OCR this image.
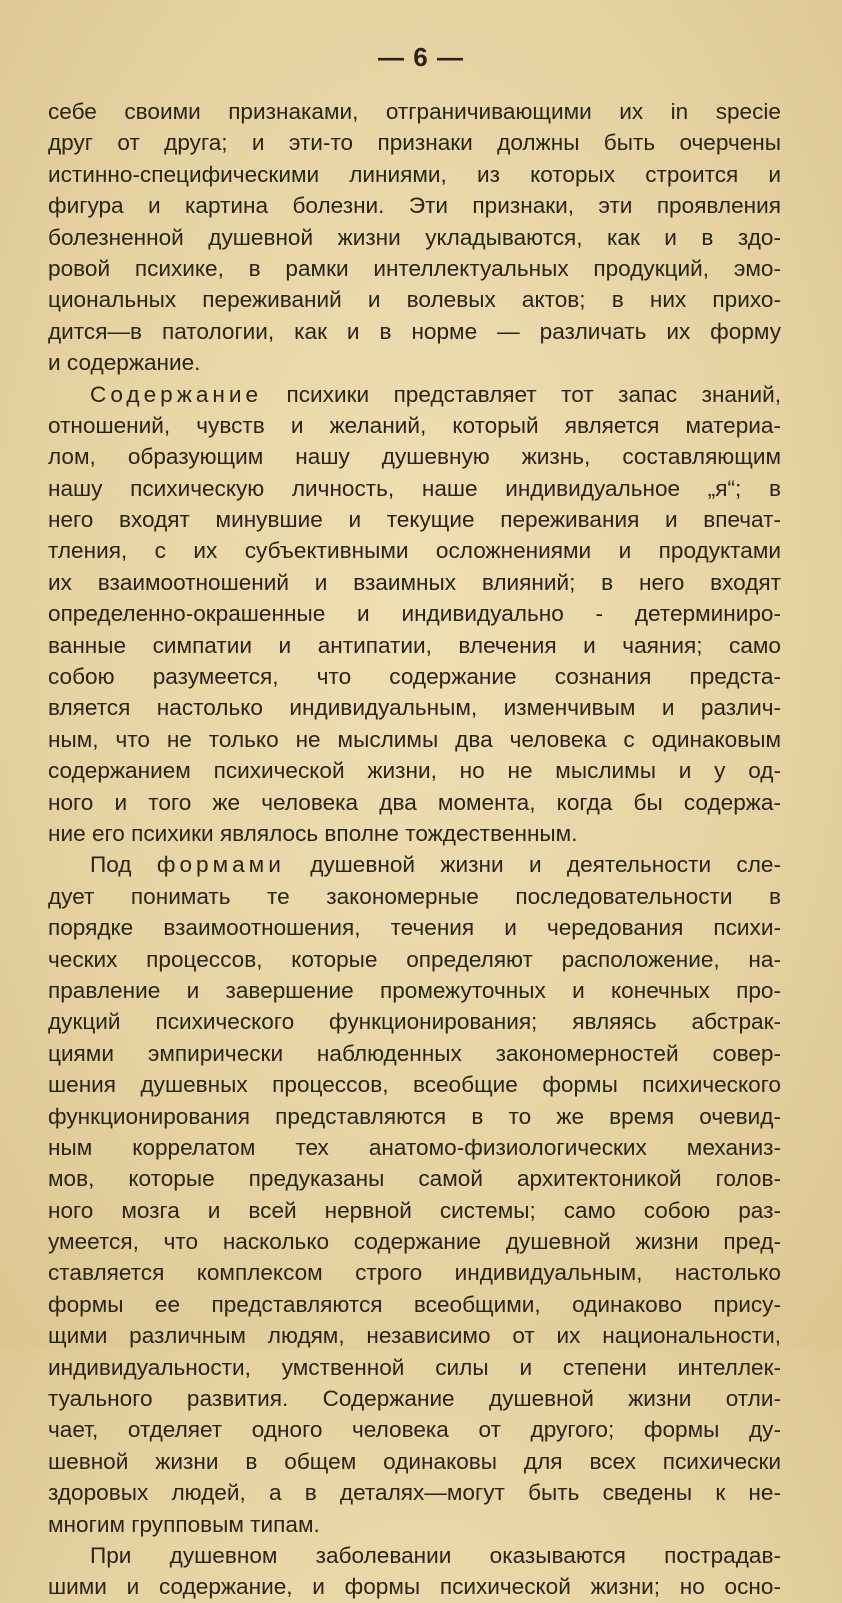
— 6 —
себе своими признаками, отграничивающими их in specie
друг от друга; и эти-то признаки должны быть очерчены
истинно-специфическими линиями, из которых строится и
фигура и картина болезни. Эти признаки, эти проявления
болезненной душевной жизни укладываются, как и в здо-
ровой психике, в рамки интеллектуальных продукций, эмо-
циональных переживаний и волевых актов; в них прихо-
дится—в патологии, как и в норме — различать их форму
и содержание.
Содержание психики представляет тот запас знаний,
отношений, чувств и желаний, который является материа-
лом, образующим нашу душевную жизнь, составляющим
нашу психическую личность, наше индивидуальное „я“; в
него входят минувшие и текущие переживания и впечат-
тления, с их субъективными осложнениями и продуктами
их взаимоотношений и взаимных влияний; в него входят
определенно-окрашенные и индивидуально - детерминиро-
ванные симпатии и антипатии, влечения и чаяния; само
собою разумеется, что содержание сознания предста-
вляется настолько индивидуальным, изменчивым и различ-
ным, что не только не мыслимы два человека с одинаковым
содержанием психической жизни, но не мыслимы и у од-
ного и того же человека два момента, когда бы содержа-
ние его психики являлось вполне тождественным.
Под формами душевной жизни и деятельности сле-
дует понимать те закономерные последовательности в
порядке взаимоотношения, течения и чередования психи-
ческих процессов, которые определяют расположение, на-
правление и завершение промежуточных и конечных про-
дукций психического функционирования; являясь абстрак-
циями эмпирически наблюденных закономерностей совер-
шения душевных процессов, всеобщие формы психического
функционирования представляются в то же время очевид-
ным коррелатом тех анатомо-физиологических механиз-
мов, которые предуказаны самой архитектоникой голов-
ного мозга и всей нервной системы; само собою раз-
умеется, что насколько содержание душевной жизни пред-
ставляется комплексом строго индивидуальным, настолько
формы ее представляются всеобщими, одинаково прису-
щими различным людям, независимо от их национальности,
индивидуальности, умственной силы и степени интеллек-
туального развития. Содержание душевной жизни отли-
чает, отделяет одного человека от другого; формы ду-
шевной жизни в общем одинаковы для всех психически
здоровых людей, а в деталях—могут быть сведены к не-
многим групповым типам.
При душевном заболевании оказываются пострадав-
шими и содержание, и формы психической жизни; но осно-
